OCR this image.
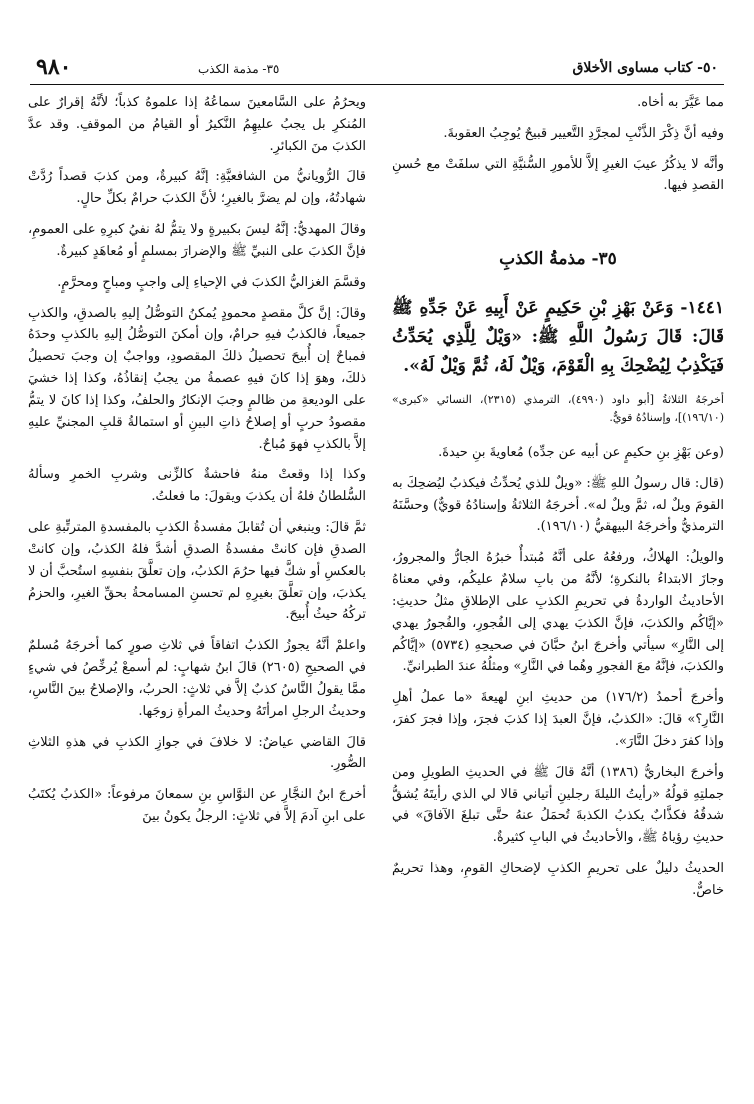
٥٠- كتاب مساوى الأخلاق
٣٥- مذمة الكذب
٩٨٠

مما عَيَّرَ به أخاه.

وفيه أنَّ ذِكْرَ الذَّنْبِ لمجرَّدِ التَّعيير قبيحٌ يُوجِبُ العقوبةَ.

وأنَّه لا يذكُرُ عيبَ الغيرِ إلاَّ للأمورِ السُّنيَّةِ التي سلفَتْ مع حُسنِ القصدِ فيها.

٣٥- مذمةُ الكذبِ
١٤٤١- وَعَنْ بَهْزِ بْنِ حَكِيمٍ عَنْ أَبِيهِ عَنْ جَدِّهِ ﷺ قَالَ: قَالَ رَسُولُ اللَّهِ ﷺ: «وَيْلٌ لِلَّذِي يُحَدِّثُ فَيَكْذِبُ لِيُضْحِكَ بِهِ الْقَوْمَ، وَيْلٌ لَهُ، ثُمَّ وَيْلٌ لَهُ».
أخرجَهُ الثلاثةُ [أبو داود (٤٩٩٠)، الترمذي (٢٣١٥)، النسائي «كبرى» (١٩٦/١٠)]، وإسنادُهُ قويٌّ.

(وعن بَهْزِ بنِ حكيمٍ عن أبيه عن جدِّه) مُعاويةَ بنِ حيدةَ.

(قال: قال رسولُ اللهِ ﷺ: «ويلٌ للذي يُحدِّثُ فيكذبُ ليُضحِكَ به القومَ ويلٌ له، ثمَّ ويلٌ له». أخرجَهُ الثلاثةُ وإسنادُهُ قويٌّ) وحسَّنَهُ الترمذيُّ وأخرجَهُ البيهقيُّ (١٩٦/١٠).

والويلُ: الهلاكُ، ورفعُهُ على أنَّهُ مُبتدأٌ خبرُهُ الجارُّ والمجرورُ، وجازَ الابتداءُ بالنكرةِ؛ لأنَّهُ من بابِ سلامٌ عليكُم، وفي معناهُ الأحاديثُ الواردةُ في تحريمِ الكذبِ على الإطلاقِ مثلُ حديثِ: «إيَّاكُم والكذبَ، فإنَّ الكذبَ يهدي إلى الفُجورِ، والفُجورُ يهدي إلى النَّارِ» سيأتي وأخرجَ ابنُ حبَّانَ في صحيحِهِ (٥٧٣٤) «إيَّاكُم والكذبَ، فإنَّهُ معَ الفجورِ وهُما في النَّارِ» ومثلُهُ عندَ الطبرانيِّ.

وأخرجَ أحمدُ (١٧٦/٢) من حديثِ ابنِ لهيعةَ «ما عملُ أهلِ النَّارِ؟» قالَ: «الكذبُ، فإنَّ العبدَ إذا كذبَ فجرَ، وإذا فجرَ كفرَ، وإذا كفرَ دخلَ النَّارَ».

وأخرجَ البخاريُّ (١٣٨٦) أنَّهُ قالَ ﷺ في الحديثِ الطويلِ ومن جملتِهِ قولُهُ «رأيتُ الليلةَ رجلينِ أتياني قالا لي الذي رأيتَهُ يُشقُّ شدقُهُ فكذَّابٌ يكذبُ الكذبةَ تُحمَلُ عنهُ حتَّى تبلغَ الآفاقَ» في حديثِ رؤياهُ ﷺ، والأحاديثُ في البابِ كثيرةٌ.

الحديثُ دليلٌ على تحريمِ الكذبِ لإضحاكِ القومِ، وهذا تحريمٌ خاصٌّ.

ويحرُمُ على السَّامعينَ سماعُهُ إذا علموهُ كذباً؛ لأنَّهُ إقرارٌ على المُنكرِ بل يجبُ عليهِمُ النَّكيرُ أو القيامُ من الموقفِ. وقد عدَّ الكذبَ منَ الكبائرِ.

قالَ الرُّويانيُّ من الشافعيَّةِ: إنَّهُ كبيرةٌ، ومن كذبَ قصداً رُدَّتْ شهادتُهُ، وإن لم يضرَّ بالغيرِ؛ لأنَّ الكذبَ حرامٌ بكلِّ حالٍ.

وقالَ المهديُّ: إنَّهُ ليسَ بكبيرةٍ ولا يتمُّ لهُ نفيُ كبرِهِ على العمومِ، فإنَّ الكذبَ على النبيِّ ﷺ والإضرارَ بمسلمٍ أو مُعاهَدٍ كبيرةٌ.

وقسَّمَ الغزاليُّ الكذبَ في الإحياءِ إلى واجبٍ ومباحٍ ومحرَّمٍ.

وقالَ: إنَّ كلَّ مقصدٍ محمودٍ يُمكنُ التوصُّلُ إليهِ بالصدقِ، والكذبِ جميعاً، فالكذبُ فيهِ حرامٌ، وإن أمكنَ التوصُّلُ إليهِ بالكذبِ وحدَهُ فمباحٌ إن أُبيحَ تحصيلُ ذلكَ المقصودِ، وواجبٌ إن وجبَ تحصيلُ ذلكَ، وهوَ إذا كانَ فيهِ عصمةُ من يجبُ إنقاذُهُ، وكذا إذا خشيَ على الوديعةِ من ظالمٍ وجبَ الإنكارُ والحلفُ، وكذا إذا كانَ لا يتمُّ مقصودُ حربٍ أو إصلاحُ ذاتِ البينِ أو استمالةُ قلبِ المجنيِّ عليهِ إلاَّ بالكذبِ فهوَ مُباحٌ.

وكذا إذا وقعتْ منهُ فاحشةٌ كالزِّنى وشربِ الخمرِ وسألهُ السُّلطانُ فلهُ أن يكذبَ ويقولَ: ما فعلتُ.

ثمَّ قالَ: وينبغي أن تُقابلَ مفسدةُ الكذبِ بالمفسدةِ المترتِّبةِ على الصدقِ فإن كانتْ مفسدةُ الصدقِ أشدَّ فلهُ الكذبُ، وإن كانتْ بالعكسِ أو شكَّ فيها حرُمَ الكذبُ، وإن تعلَّقَ بنفسِهِ استُحبَّ أن لا يكذبَ، وإن تعلَّقَ بغيرِهِ لم تحسنِ المسامحةُ بحقِّ الغيرِ، والحزمُ تركُهُ حيثُ أُبيحَ.

واعلمْ أنَّهُ يجوزُ الكذبُ اتفاقاً في ثلاثِ صورٍ كما أخرجَهُ مُسلمٌ في الصحيحِ (٢٦٠٥) قالَ ابنُ شهابٍ: لم أسمعْ يُرخِّصُ في شيءٍ ممَّا يقولُ النَّاسُ كذبٌ إلاَّ في ثلاثٍ: الحربُ، والإصلاحُ بينَ النَّاسِ، وحديثُ الرجلِ امرأتَهُ وحديثُ المرأةِ زوجَها.

قالَ القاضي عياضٌ: لا خلافَ في جوازِ الكذبِ في هذهِ الثلاثِ الصُّورِ.

أخرجَ ابنُ النجَّارِ عن النوَّاسِ بنِ سمعانَ مرفوعاً: «الكذبُ يُكتَبُ على ابنِ آدمَ إلاَّ في ثلاثٍ: الرجلُ يكونُ بينَ
